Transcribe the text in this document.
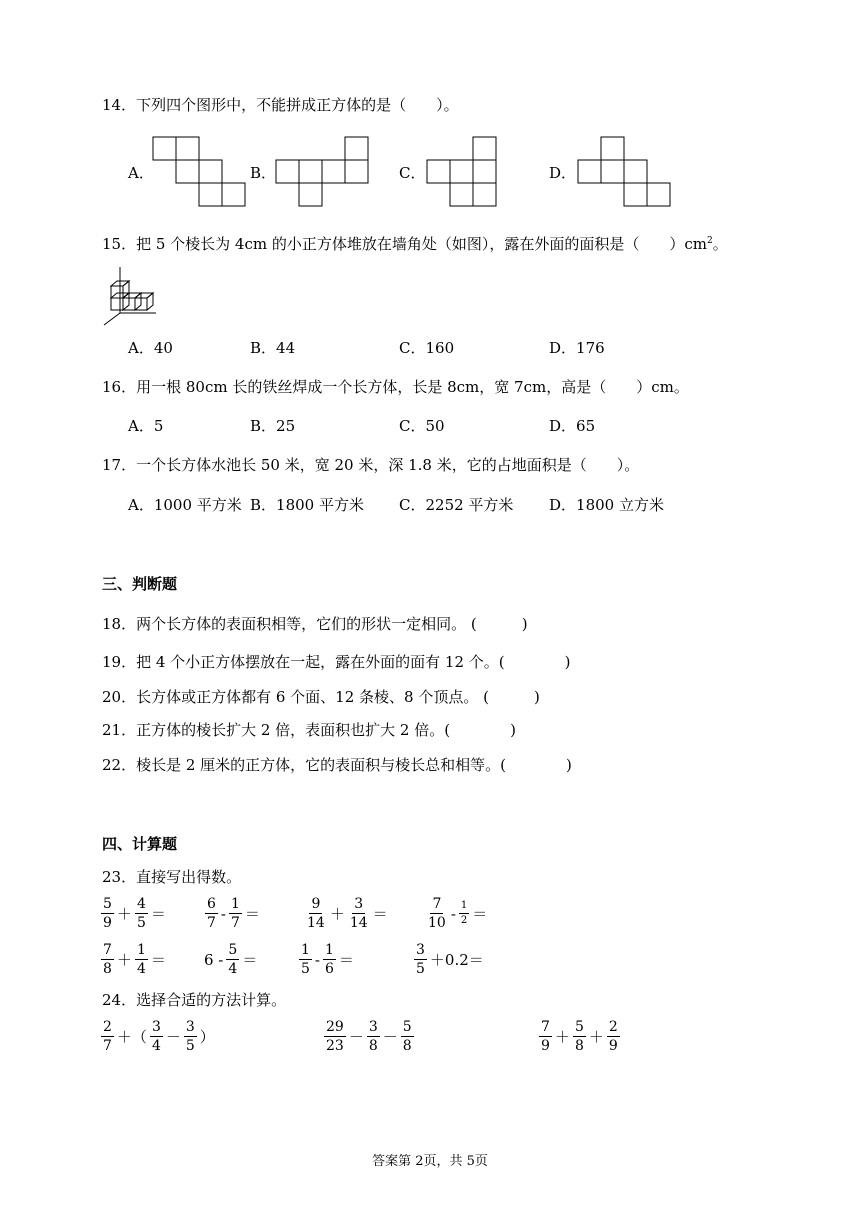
14．下列四个图形中，不能拼成正方体的是（　　）。
A．	B．	C．	D．
15．把 5 个棱长为 4cm 的小正方体堆放在墙角处（如图），露在外面的面积是（　　）$cm^2$。
A．40	B．44	C．160	D．176
16．用一根 80cm 长的铁丝焊成一个长方体，长是 8cm，宽 7cm，高是（　　）cm。
A．5	B．25	C．50	D．65
17．一个长方体水池长 50 米，宽 20 米，深 1.8 米，它的占地面积是（　　）。
A．1000 平方米 B．1800 平方米 C．2252 平方米 D．1800 立方米
三、判断题
18．两个长方体的表面积相等，它们的形状一定相同。 (　　　)
19．把 4 个小正方体摆放在一起，露在外面的面有 12 个。(　　　　)
20．长方体或正方体都有 6 个面、12 条棱、8 个顶点。 (　　　)
21．正方体的棱长扩大 2 倍，表面积也扩大 2 倍。(　　　　)
22．棱长是 2 厘米的正方体，它的表面积与棱长总和相等。(　　　　)
四、计算题
23．直接写出得数。
$\frac{5}{9} + \frac{4}{5}$ ＝	$\frac{6}{7} - \frac{1}{7}$ ＝	$\frac{9}{14} + \frac{3}{14}$ ＝	$\frac{7}{10} - \frac{1}{2}$ ＝
$\frac{7}{8} + \frac{1}{4}$ ＝	$6 - \frac{5}{4}$ ＝	$\frac{1}{5} - \frac{1}{6}$ ＝	$\frac{3}{5} +0.2=$
24．选择合适的方法计算。
$\frac{2}{7}$ ＋（ $\frac{3}{4} - \frac{3}{5}$ ）	$\frac{29}{23} - \frac{3}{8} - \frac{5}{8}$	$\frac{7}{9} + \frac{5}{8} + \frac{2}{9}$
答案第 2页，共 5页
